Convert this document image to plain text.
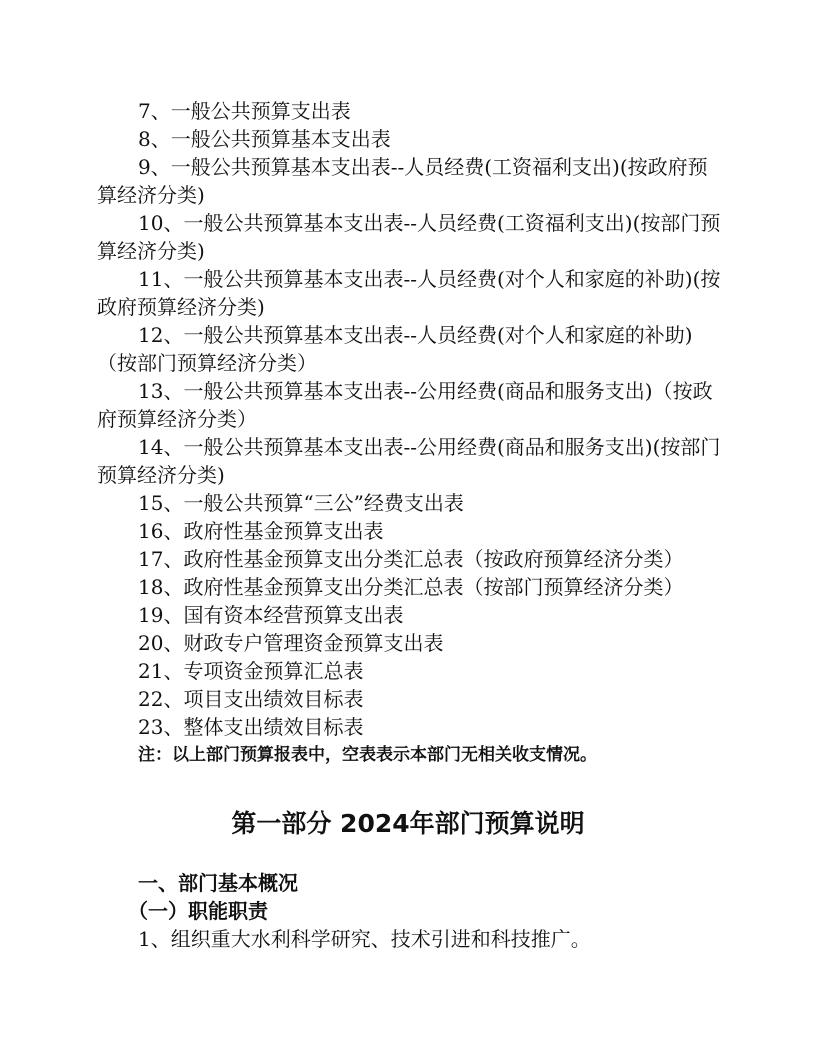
7、一般公共预算支出表
8、一般公共预算基本支出表
9、一般公共预算基本支出表--人员经费(工资福利支出)(按政府预算经济分类)
10、一般公共预算基本支出表--人员经费(工资福利支出)(按部门预算经济分类)
11、一般公共预算基本支出表--人员经费(对个人和家庭的补助)(按政府预算经济分类)
12、一般公共预算基本支出表--人员经费(对个人和家庭的补助)（按部门预算经济分类）
13、一般公共预算基本支出表--公用经费(商品和服务支出)（按政府预算经济分类）
14、一般公共预算基本支出表--公用经费(商品和服务支出)(按部门预算经济分类)
15、一般公共预算“三公”经费支出表
16、政府性基金预算支出表
17、政府性基金预算支出分类汇总表（按政府预算经济分类）
18、政府性基金预算支出分类汇总表（按部门预算经济分类）
19、国有资本经营预算支出表
20、财政专户管理资金预算支出表
21、专项资金预算汇总表
22、项目支出绩效目标表
23、整体支出绩效目标表
注：以上部门预算报表中，空表表示本部门无相关收支情况。
第一部分 2024年部门预算说明
一、部门基本概况
（一）职能职责
1、组织重大水利科学研究、技术引进和科技推广。
